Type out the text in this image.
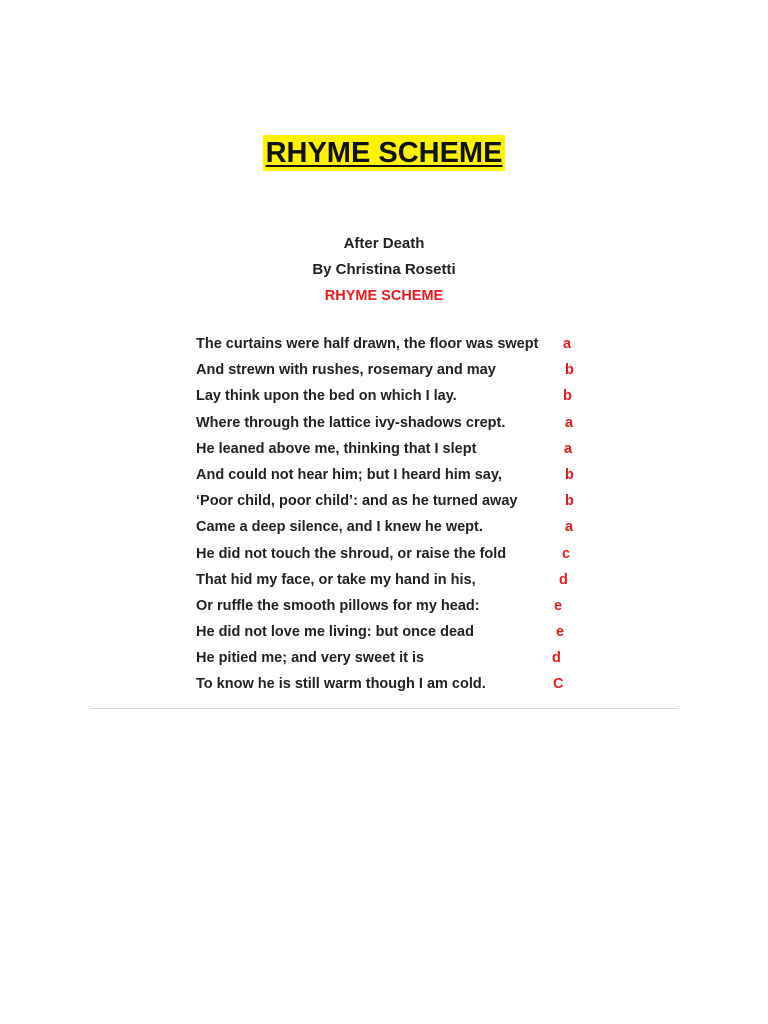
RHYME SCHEME
After Death
By Christina Rosetti
RHYME SCHEME
The curtains were half drawn, the floor was swept a
And strewn with rushes, rosemary and may	b
Lay think upon the bed on which I lay.	b
Where through the lattice ivy-shadows crept.	a
He leaned above me, thinking that I slept	a
And could not hear him; but I heard him say,	b
‘Poor child, poor child’: and as he turned away	b
Came a deep silence, and I knew he wept.	a
He did not touch the shroud, or raise the fold	c
That hid my face, or take my hand in his,	d
Or ruffle the smooth pillows for my head:	e
He did not love me living: but once dead	e
He pitied me; and very sweet it is	d
To know he is still warm though I am cold.	C
